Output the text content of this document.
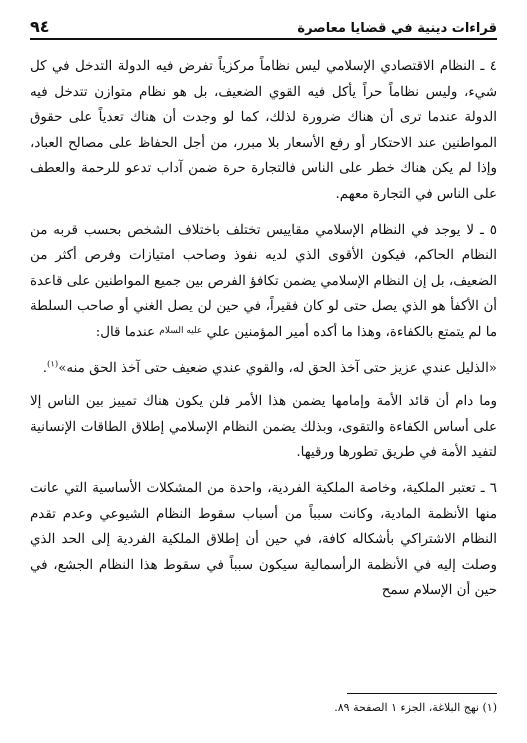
قراءات دينية في قضايا معاصرة
٩٤

٤ ـ النظام الاقتصادي الإسلامي ليس نظاماً مركزياً تفرض فيه الدولة التدخل في كل شيء، وليس نظاماً حراً يأكل فيه القوي الضعيف، بل هو نظام متوازن تتدخل فيه الدولة عندما ترى أن هناك ضرورة لذلك، كما لو وجدت أن هناك تعدياً على حقوق المواطنين عند الاحتكار أو رفع الأسعار بلا مبرر، من أجل الحفاظ على مصالح العباد، وإذا لم يكن هناك خطر على الناس فالتجارة حرة ضمن آداب تدعو للرحمة والعطف على الناس في التجارة معهم.

٥ ـ لا يوجد في النظام الإسلامي مقاييس تختلف باختلاف الشخص بحسب قربه من النظام الحاكم، فيكون الأقوى الذي لديه نفوذ وصاحب امتيازات وفرص أكثر من الضعيف، بل إن النظام الإسلامي يضمن تكافؤ الفرص بين جميع المواطنين على قاعدة أن الأكفأ هو الذي يصل حتى لو كان فقيراً، في حين لن يصل الغني أو صاحب السلطة ما لم يتمتع بالكفاءة، وهذا ما أكده أمير المؤمنين علي عليه السلام عندما قال:

«الذليل عندي عزيز حتى آخذ الحق له، والقوي عندي ضعيف حتى آخذ الحق منه»$^{(١)}$.

وما دام أن قائد الأمة وإمامها يضمن هذا الأمر فلن يكون هناك تمييز بين الناس إلا على أساس الكفاءة والتقوى، وبذلك يضمن النظام الإسلامي إطلاق الطاقات الإنسانية لتفيد الأمة في طريق تطورها ورقيها.

٦ ـ تعتبر الملكية، وخاصة الملكية الفردية، واحدة من المشكلات الأساسية التي عانت منها الأنظمة المادية، وكانت سبباً من أسباب سقوط النظام الشيوعي وعدم تقدم النظام الاشتراكي بأشكاله كافة، في حين أن إطلاق الملكية الفردية إلى الحد الذي وصلت إليه في الأنظمة الرأسمالية سيكون سبباً في سقوط هذا النظام الجشع، في حين أن الإسلام سمح

(١) نهج البلاغة، الجزء ١ الصفحة ٨٩.
